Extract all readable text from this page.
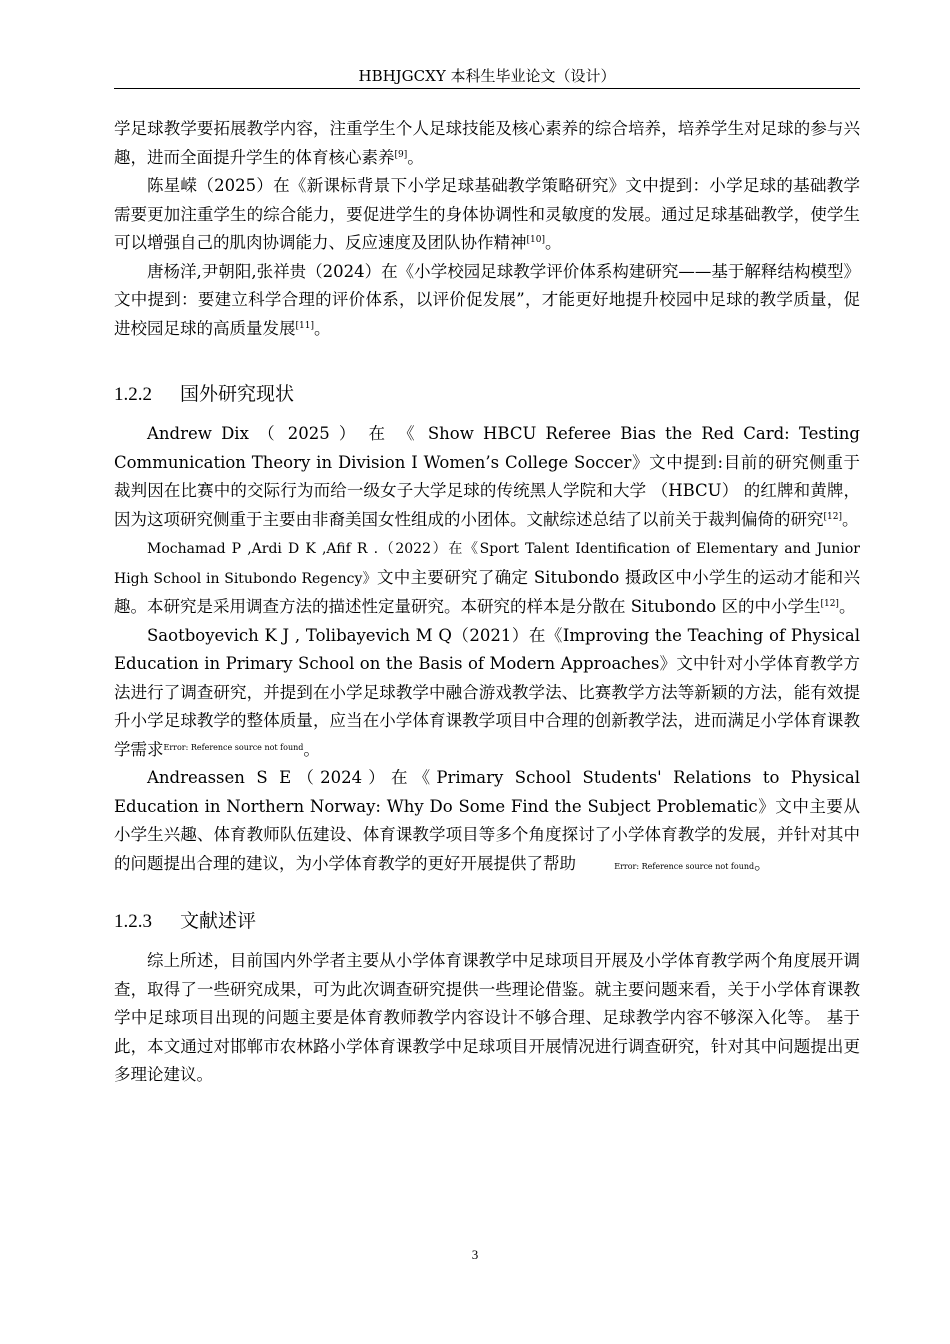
HBHJGCXY 本科生毕业论文（设计）

学足球教学要拓展教学内容，注重学生个人足球技能及核心素养的综合培养，培养学生对足球的参与兴趣，进而全面提升学生的体育核心素养[9]。

陈星嵘（2025）在《新课标背景下小学足球基础教学策略研究》文中提到：小学足球的基础教学需要更加注重学生的综合能力，要促进学生的身体协调性和灵敏度的发展。通过足球基础教学，使学生可以增强自己的肌肉协调能力、反应速度及团队协作精神[10]。

唐杨洋,尹朝阳,张祥贵（2024）在《小学校园足球教学评价体系构建研究——基于解释结构模型》文中提到：要建立科学合理的评价体系，以评价促发展”，才能更好地提升校园中足球的教学质量，促进校园足球的高质量发展[11]。

1.2.2 国外研究现状

Andrew Dix （ 2025 ） 在 《 Show HBCU Referee Bias the Red Card: Testing Communication Theory in Division I Women’s College Soccer》文中提到:目前的研究侧重于裁判因在比赛中的交际行为而给一级女子大学足球的传统黑人学院和大学 （HBCU） 的红牌和黄牌，因为这项研究侧重于主要由非裔美国女性组成的小团体。文献综述总结了以前关于裁判偏倚的研究[12]。

Mochamad P ,Ardi D K ,Afif R .（2022）在《Sport Talent Identification of Elementary and Junior High School in Situbondo Regency》文中主要研究了确定 Situbondo 摄政区中小学生的运动才能和兴趣。本研究是采用调查方法的描述性定量研究。本研究的样本是分散在 Situbondo 区的中小学生[12]。

Saotboyevich K J , Tolibayevich M Q（2021）在《Improving the Teaching of Physical Education in Primary School on the Basis of Modern Approaches》文中针对小学体育教学方法进行了调查研究，并提到在小学足球教学中融合游戏教学法、比赛教学方法等新颖的方法，能有效提升小学足球教学的整体质量，应当在小学体育课教学项目中合理的创新教学法，进而满足小学体育课教学需求$^{Error: Reference source not found}$。

Andreassen S E（2024）在《Primary School Students' Relations to Physical Education in Northern Norway: Why Do Some Find the Subject Problematic》文中主要从小学生兴趣、体育教师队伍建设、体育课教学项目等多个角度探讨了小学体育教学的发展，并针对其中的问题提出合理的建议，为小学体育教学的更好开展提供了帮助	Error: Reference source not found。

1.2.3 文献述评

综上所述，目前国内外学者主要从小学体育课教学中足球项目开展及小学体育教学两个角度展开调查，取得了一些研究成果，可为此次调查研究提供一些理论借鉴。就主要问题来看，关于小学体育课教学中足球项目出现的问题主要是体育教师教学内容设计不够合理、足球教学内容不够深入化等。 基于此，本文通过对邯郸市农林路小学体育课教学中足球项目开展情况进行调查研究，针对其中问题提出更多理论建议。

3
